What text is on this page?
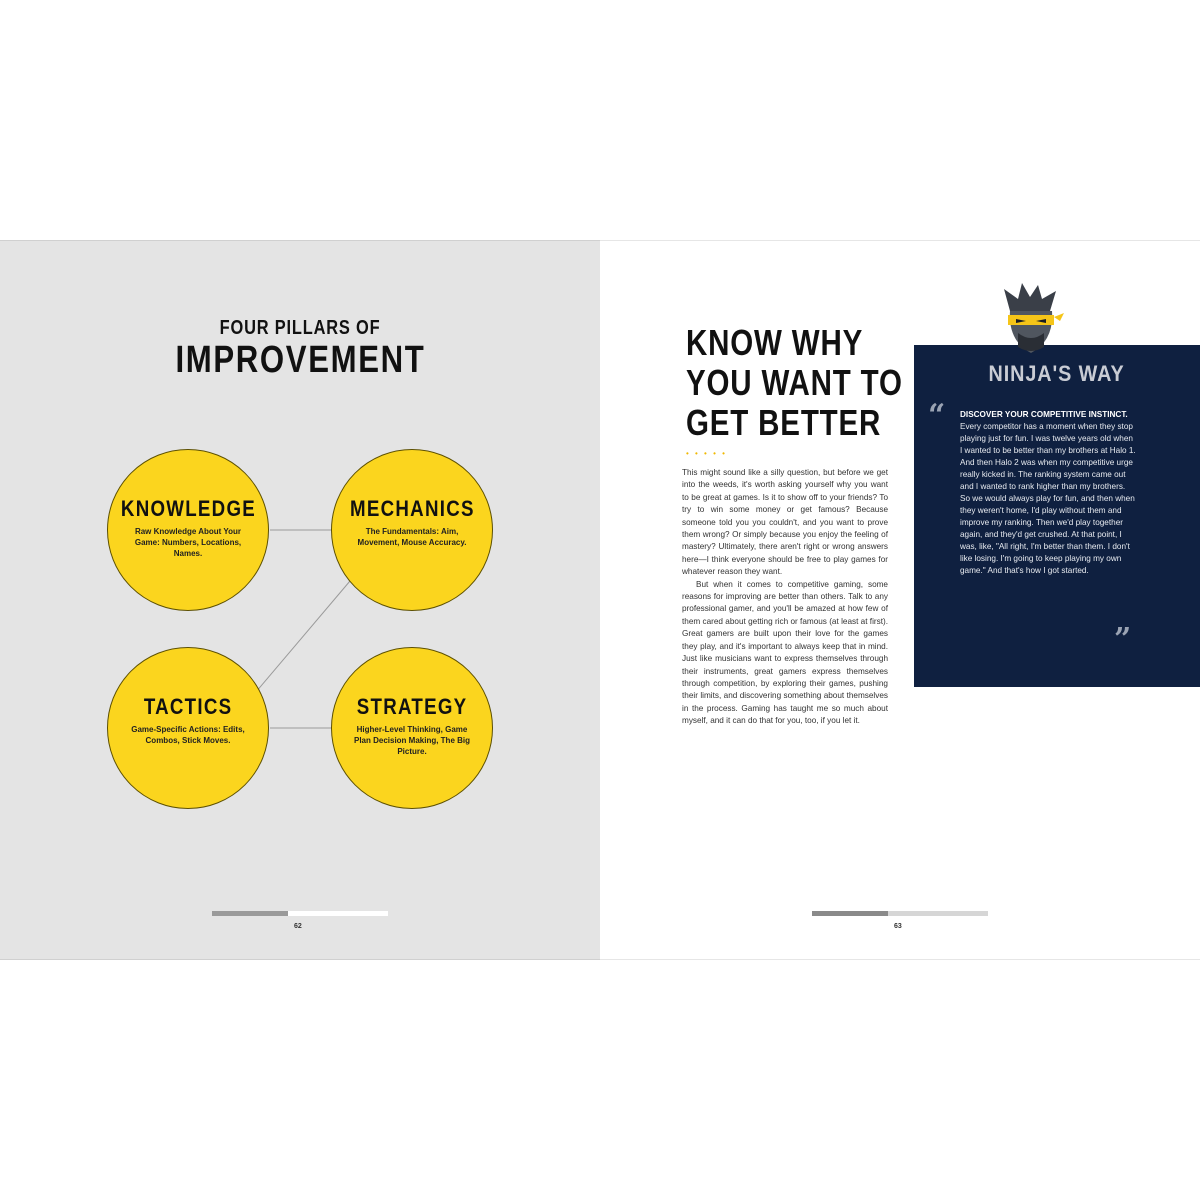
FOUR PILLARS OF
IMPROVEMENT
KNOWLEDGE
Raw Knowledge About Your Game: Numbers, Locations, Names.
MECHANICS
The Fundamentals: Aim, Movement, Mouse Accuracy.
TACTICS
Game-Specific Actions: Edits, Combos, Stick Moves.
STRATEGY
Higher-Level Thinking, Game Plan Decision Making, The Big Picture.
62
KNOW WHY
YOU WANT TO
GET BETTER
• • • • •

This might sound like a silly question, but before we get into the weeds, it's worth asking yourself why you want to be great at games. Is it to show off to your friends? To try to win some money or get famous? Because someone told you you couldn't, and you want to prove them wrong? Or simply because you enjoy the feeling of mastery? Ultimately, there aren't right or wrong answers here—I think everyone should be free to play games for whatever reason they want.

But when it comes to competitive gaming, some reasons for improving are better than others. Talk to any professional gamer, and you'll be amazed at how few of them cared about getting rich or famous (at least at first). Great gamers are built upon their love for the games they play, and it's important to always keep that in mind. Just like musicians want to express themselves through their instruments, great gamers express themselves through competition, by exploring their games, pushing their limits, and discovering something about themselves in the process. Gaming has taught me so much about myself, and it can do that for you, too, if you let it.

NINJA'S WAY
“ DISCOVER YOUR COMPETITIVE INSTINCT. Every competitor has a moment when they stop playing just for fun. I was twelve years old when I wanted to be better than my brothers at Halo 1. And then Halo 2 was when my competitive urge really kicked in. The ranking system came out and I wanted to rank higher than my brothers. So we would always play for fun, and then when they weren't home, I'd play without them and improve my ranking. Then we'd play together again, and they'd get crushed. At that point, I was, like, "All right, I'm better than them. I don't like losing. I'm going to keep playing my own game." And that's how I got started.
”
63
